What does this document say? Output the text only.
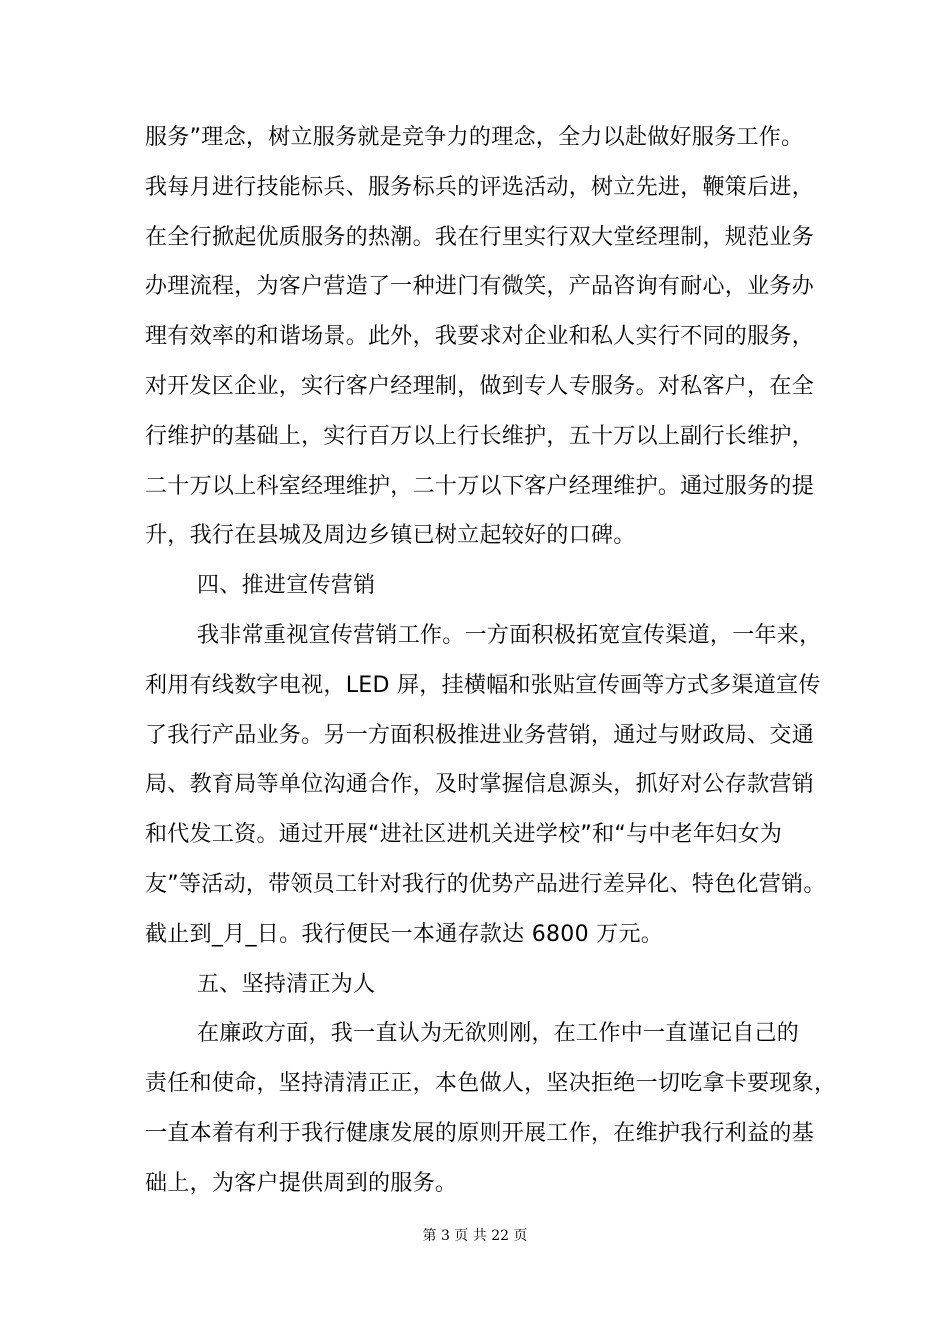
服务”理念，树立服务就是竞争力的理念，全力以赴做好服务工作。
我每月进行技能标兵、服务标兵的评选活动，树立先进，鞭策后进，
在全行掀起优质服务的热潮。我在行里实行双大堂经理制，规范业务
办理流程，为客户营造了一种进门有微笑，产品咨询有耐心，业务办
理有效率的和谐场景。此外，我要求对企业和私人实行不同的服务，
对开发区企业，实行客户经理制，做到专人专服务。对私客户，在全
行维护的基础上，实行百万以上行长维护，五十万以上副行长维护，
二十万以上科室经理维护，二十万以下客户经理维护。通过服务的提
升，我行在县城及周边乡镇已树立起较好的口碑。
四、推进宣传营销
我非常重视宣传营销工作。一方面积极拓宽宣传渠道，一年来，
利用有线数字电视，LED 屏，挂横幅和张贴宣传画等方式多渠道宣传
了我行产品业务。另一方面积极推进业务营销，通过与财政局、交通
局、教育局等单位沟通合作，及时掌握信息源头，抓好对公存款营销
和代发工资。通过开展“进社区进机关进学校”和“与中老年妇女为
友”等活动，带领员工针对我行的优势产品进行差异化、特色化营销。
截止到_月_日。我行便民一本通存款达 6800 万元。
五、坚持清正为人
在廉政方面，我一直认为无欲则刚，在工作中一直谨记自己的
责任和使命，坚持清清正正，本色做人，坚决拒绝一切吃拿卡要现象，
一直本着有利于我行健康发展的原则开展工作，在维护我行利益的基
础上，为客户提供周到的服务。
第 3 页 共 22 页
